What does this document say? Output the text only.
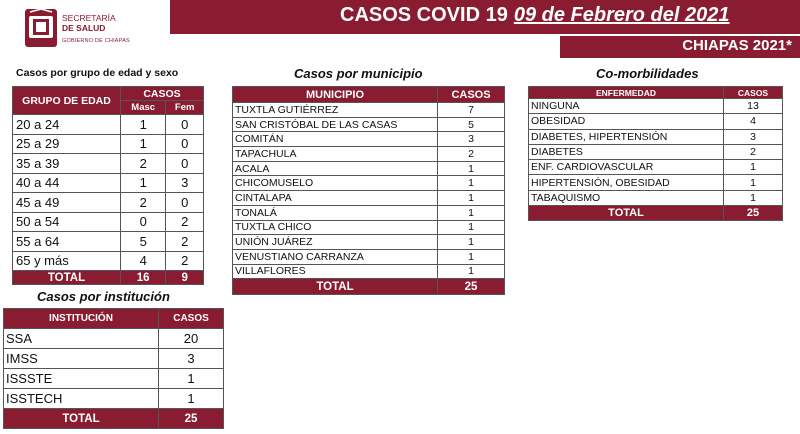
SECRETARÍA
DE SALUD
GOBIERNO DE CHIAPAS
CASOS COVID 19 09 de Febrero del 2021
CHIAPAS 2021*
Casos por grupo de edad y sexo
GRUPO DE EDAD	CASOS	
	Masc	Fem
20 a 24	1	0
25 a 29	1	0
35 a 39	2	0
40 a 44	1	3
45 a 49	2	0
50 a 54	0	2
55 a 64	5	2
65 y más	4	2
TOTAL	16	9
Casos por institución
INSTITUCIÓN	CASOS
SSA	20
IMSS	3
ISSSTE	1
ISSTECH	1
TOTAL	25
Casos por municipio
MUNICIPIO	CASOS
TUXTLA GUTIÉRREZ	7
SAN CRISTÓBAL DE LAS CASAS	5
COMITÁN	3
TAPACHULA	2
ACALA	1
CHICOMUSELO	1
CINTALAPA	1
TONALÁ	1
TUXTLA CHICO	1
UNIÓN JUÁREZ	1
VENUSTIANO CARRANZA	1
VILLAFLORES	1
TOTAL	25
Co-morbilidades
ENFERMEDAD	CASOS
NINGUNA	13
OBESIDAD	4
DIABETES, HIPERTENSIÓN	3
DIABETES	2
ENF. CARDIOVASCULAR	1
HIPERTENSIÓN, OBESIDAD	1
TABAQUISMO	1
TOTAL	25
